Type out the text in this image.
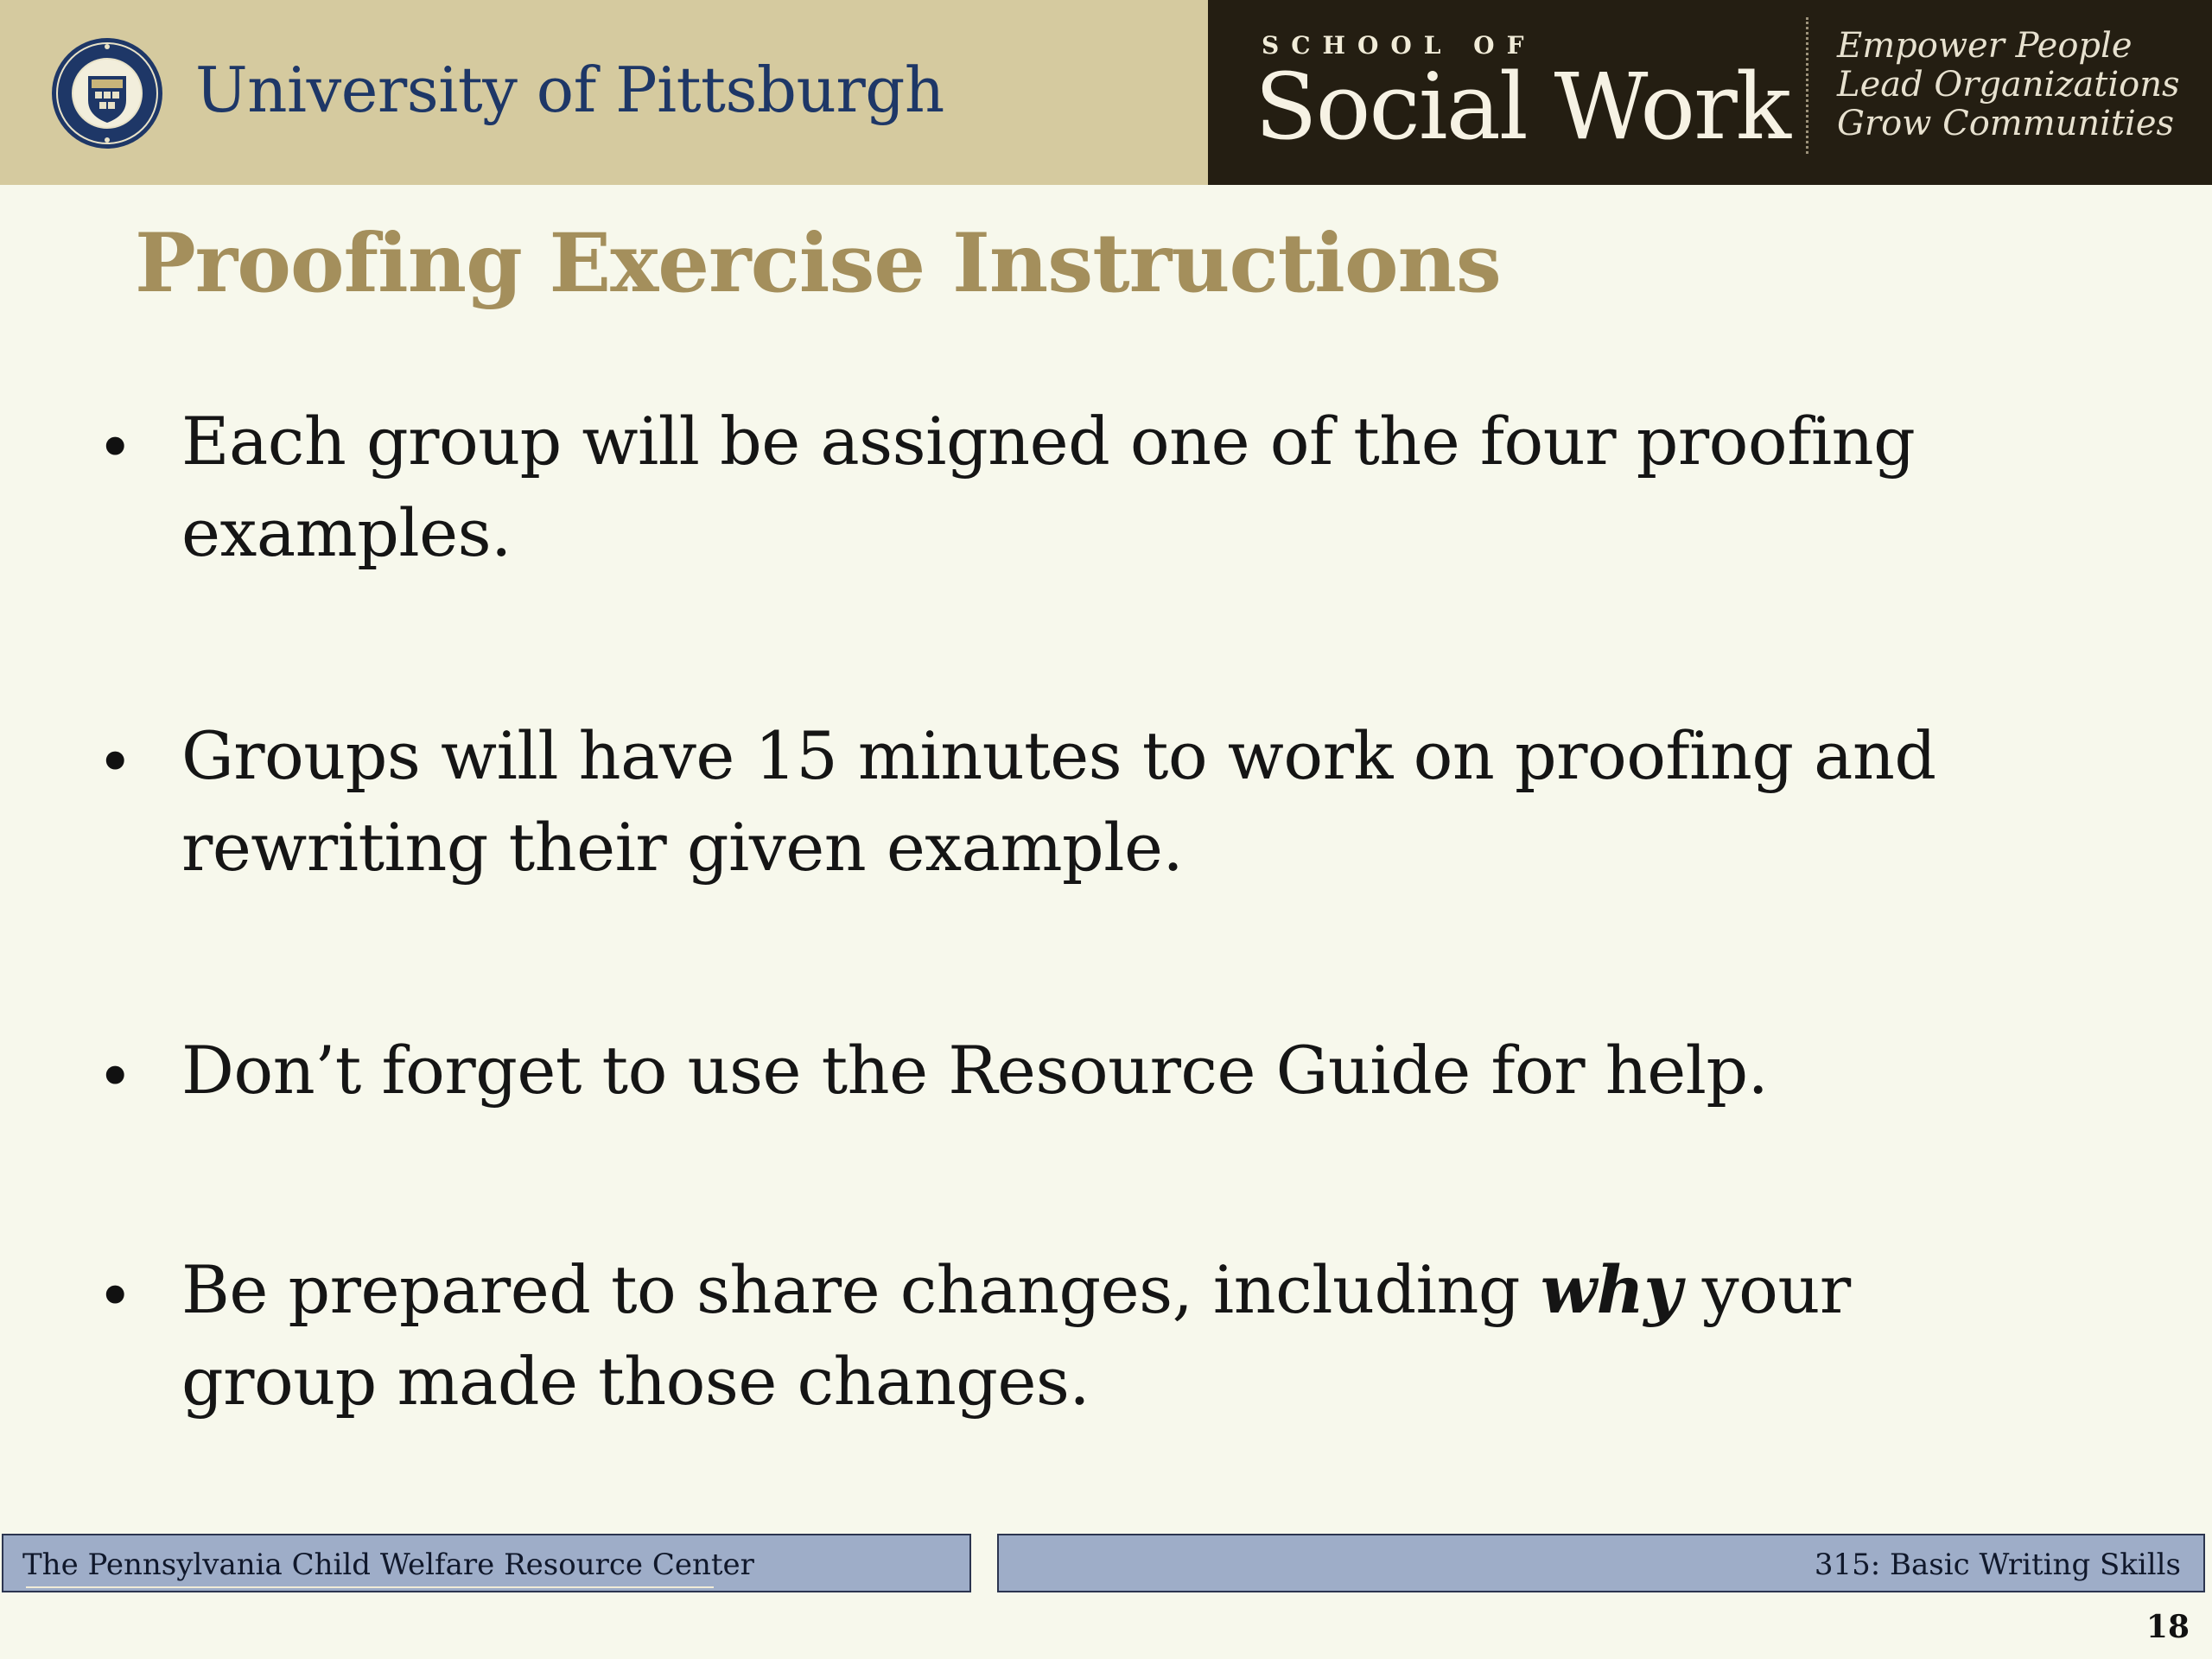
University of Pittsburgh
SCHOOL OF
Social Work
Empower People
Lead Organizations
Grow Communities
Proofing Exercise Instructions
• Each group will be assigned one of the four proofing examples.
• Groups will have 15 minutes to work on proofing and rewriting their given example.
• Don’t forget to use the Resource Guide for help.
• Be prepared to share changes, including why your group made those changes.
The Pennsylvania Child Welfare Resource Center	315: Basic Writing Skills
18
